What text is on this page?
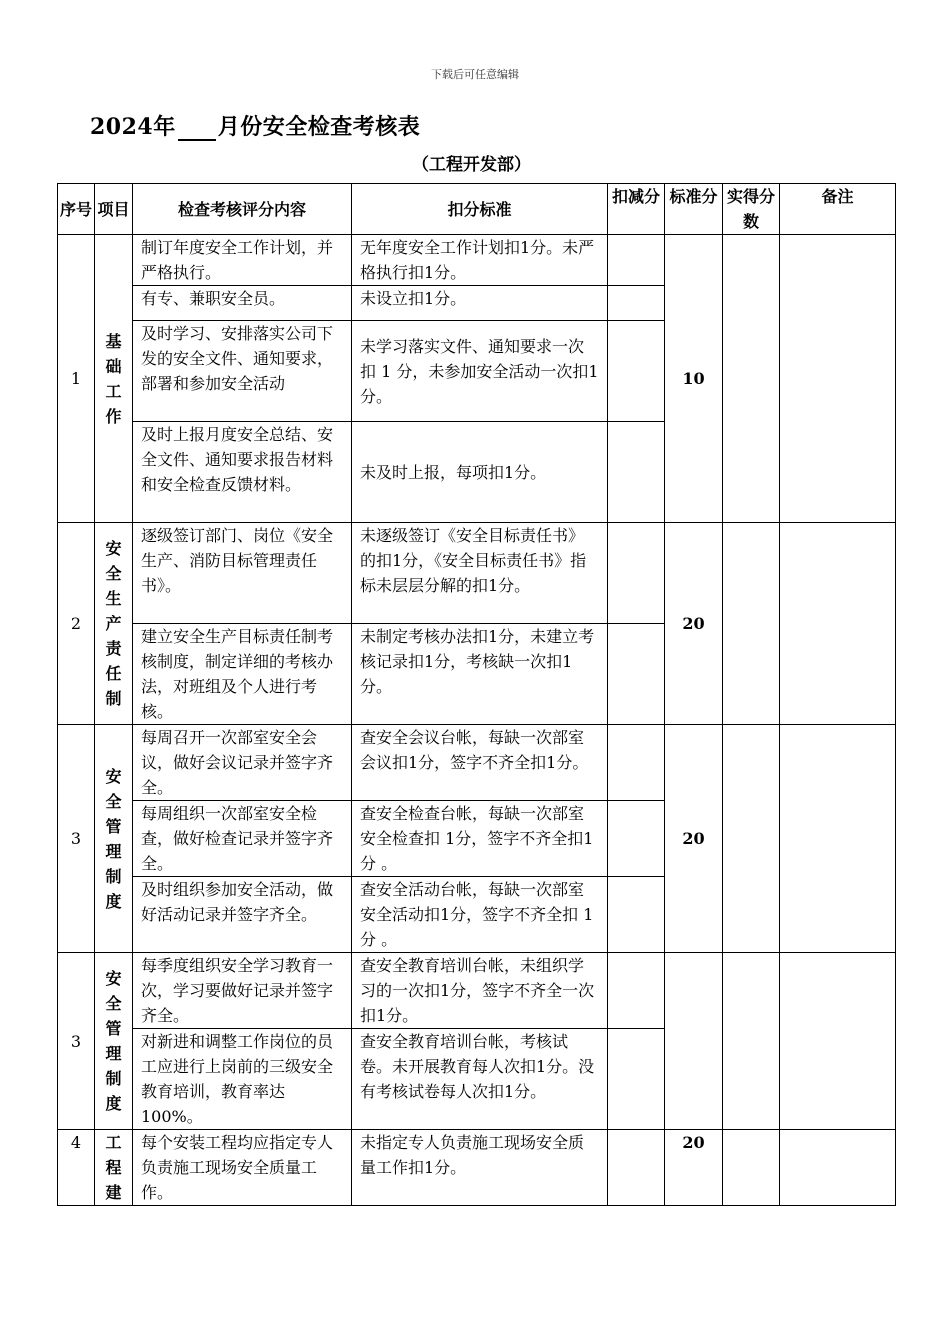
下载后可任意编辑
2024年 月份安全检查考核表
（工程开发部）
序号	项目	检查考核评分内容	扣分标准	扣减分	标准分	实得分数	备注
1	基础工作	制订年度安全工作计划，并严格执行。	无年度安全工作计划扣1分。未严格执行扣1分。		10		
		有专、兼职安全员。	未设立扣1分。				
		及时学习、安排落实公司下发的安全文件、通知要求，部署和参加安全活动	未学习落实文件、通知要求一次扣 1 分，未参加安全活动一次扣1分。				
		及时上报月度安全总结、安全文件、通知要求报告材料和安全检查反馈材料。	未及时上报，每项扣1分。				
2	安全生产责任制	逐级签订部门、岗位《安全生产、消防目标管理责任书》。	未逐级签订《安全目标责任书》的扣1分，《安全目标责任书》指标未层层分解的扣1分。		20		
		建立安全生产目标责任制考核制度，制定详细的考核办法，对班组及个人进行考核。	未制定考核办法扣1分，未建立考核记录扣1分，考核缺一次扣1分。				
3	安全管理制度	每周召开一次部室安全会议，做好会议记录并签字齐全。	查安全会议台帐，每缺一次部室会议扣1分，签字不齐全扣1分。		20		
		每周组织一次部室安全检查，做好检查记录并签字齐全。	查安全检查台帐，每缺一次部室安全检查扣 1分，签字不齐全扣1分 。				
		及时组织参加安全活动，做好活动记录并签字齐全。	查安全活动台帐，每缺一次部室安全活动扣1分，签字不齐全扣 1分 。				
3	安全管理制度	每季度组织安全学习教育一次，学习要做好记录并签字齐全。	查安全教育培训台帐，未组织学习的一次扣1分，签字不齐全一次扣1分。				
		对新进和调整工作岗位的员工应进行上岗前的三级安全教育培训，教育率达100%。	查安全教育培训台帐，考核试卷。未开展教育每人次扣1分。没有考核试卷每人次扣1分。				
4	工程建	每个安装工程均应指定专人负责施工现场安全质量工作。	未指定专人负责施工现场安全质量工作扣1分。		20		
